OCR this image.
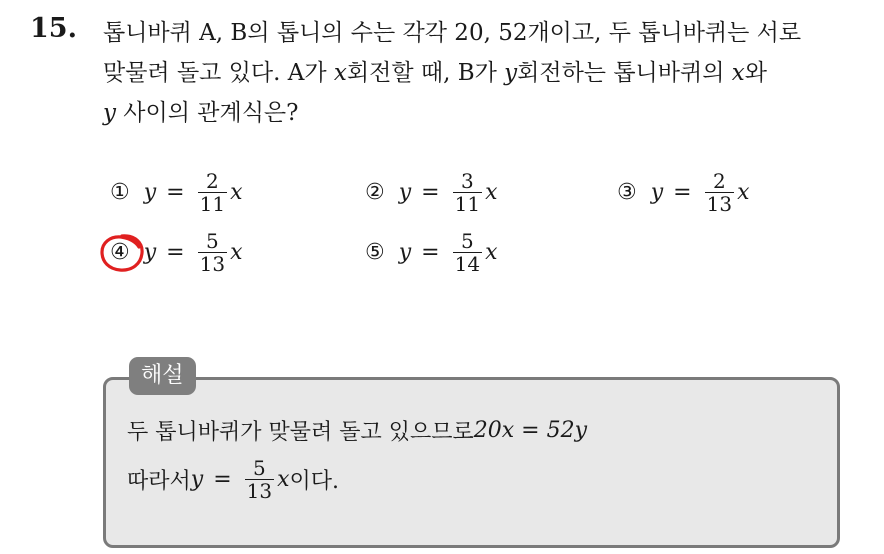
15. 톱니바퀴 A, B의 톱니의 수는 각각 20, 52개이고, 두 톱니바퀴는 서로
맞물려 돌고 있다. A가 x회전할 때, B가 y회전하는 톱니바퀴의 x와
y 사이의 관계식은?
① $y = \frac{2}{11}$ x	② $y = \frac{3}{11}$ x	③ $y = \frac{2}{13}$ x
④ $y = \frac{5}{13}$ x	⑤ $y = \frac{5}{14}$ x
해설
두 톱니바퀴가 맞물려 돌고 있으므로 20x = 52y
따라서 $y = \frac{5}{13}$ x 이다.
